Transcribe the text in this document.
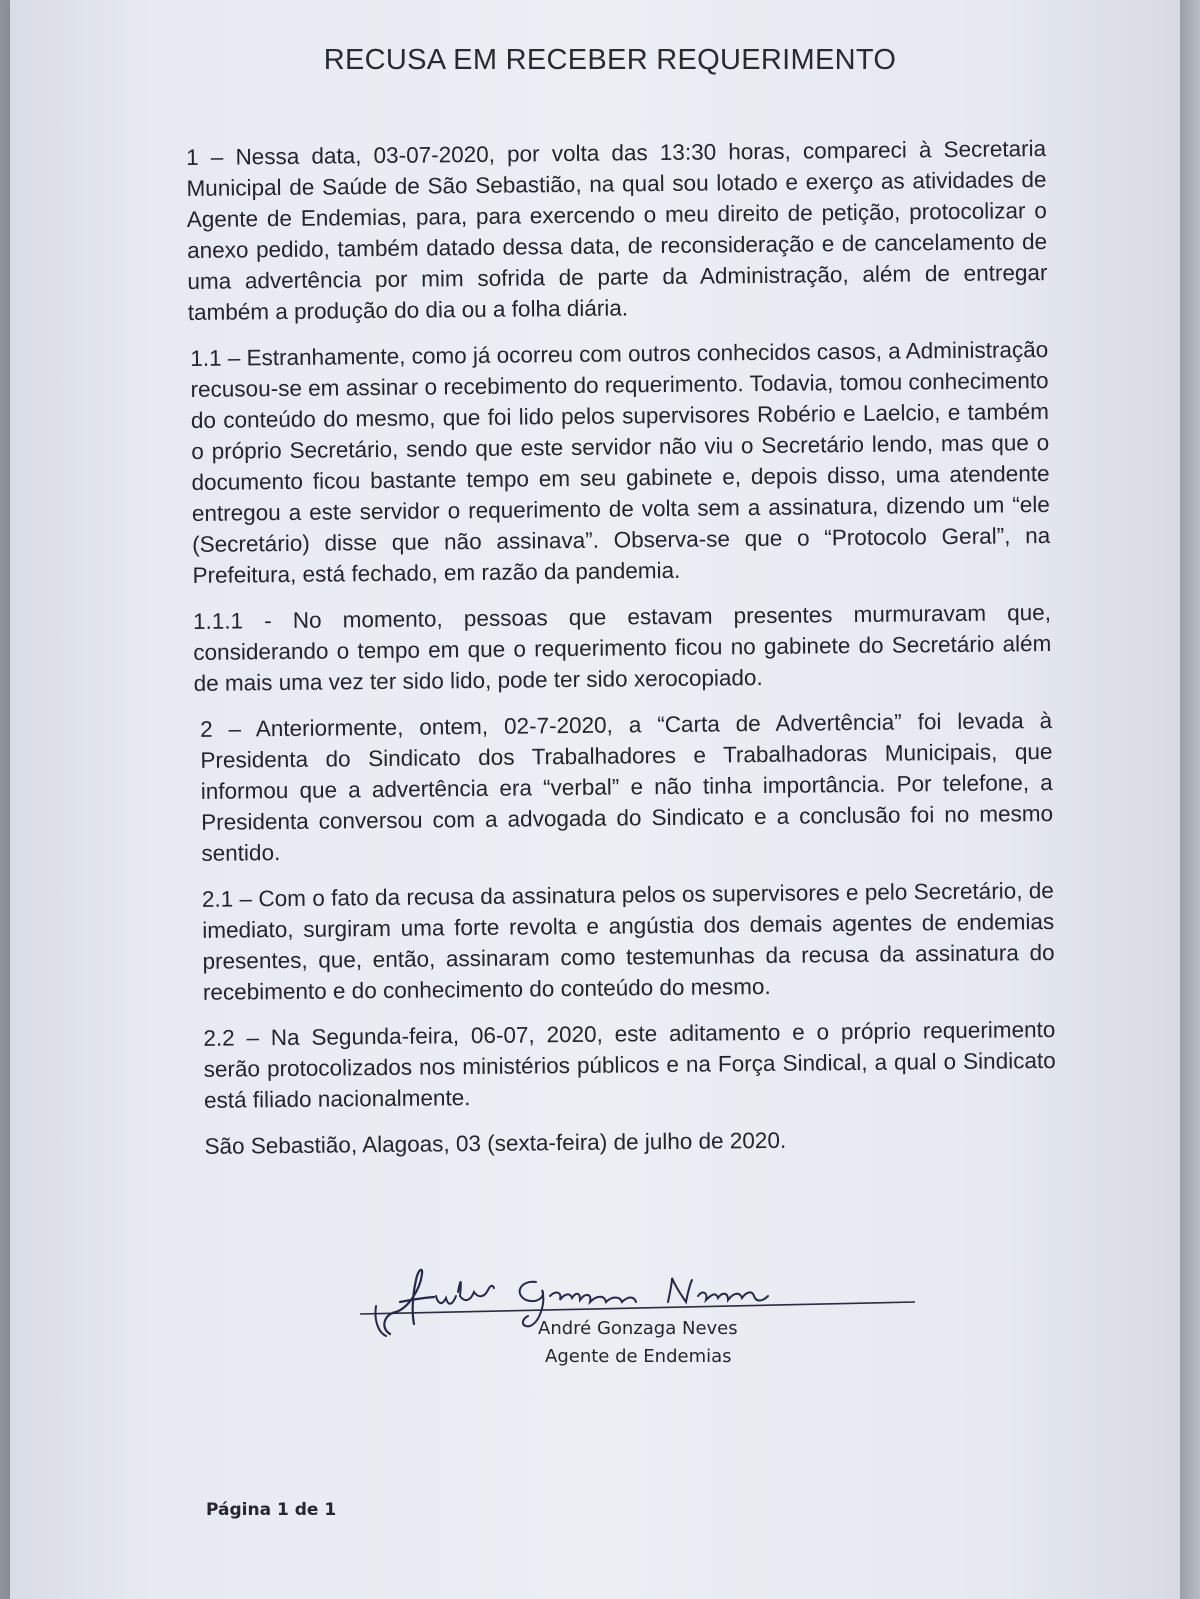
RECUSA EM RECEBER REQUERIMENTO

1 – Nessa data, 03-07-2020, por volta das 13:30 horas, compareci à Secretaria Municipal de Saúde de São Sebastião, na qual sou lotado e exerço as atividades de Agente de Endemias, para, para exercendo o meu direito de petição, protocolizar o anexo pedido, também datado dessa data, de reconsideração e de cancelamento de uma advertência por mim sofrida de parte da Administração, além de entregar também a produção do dia ou a folha diária.

1.1 – Estranhamente, como já ocorreu com outros conhecidos casos, a Administração recusou-se em assinar o recebimento do requerimento. Todavia, tomou conhecimento do conteúdo do mesmo, que foi lido pelos supervisores Robério e Laelcio, e também o próprio Secretário, sendo que este servidor não viu o Secretário lendo, mas que o documento ficou bastante tempo em seu gabinete e, depois disso, uma atendente entregou a este servidor o requerimento de volta sem a assinatura, dizendo um “ele (Secretário) disse que não assinava”. Observa-se que o “Protocolo Geral”, na Prefeitura, está fechado, em razão da pandemia.

1.1.1 - No momento, pessoas que estavam presentes murmuravam que, considerando o tempo em que o requerimento ficou no gabinete do Secretário além de mais uma vez ter sido lido, pode ter sido xerocopiado.

2 – Anteriormente, ontem, 02-7-2020, a “Carta de Advertência” foi levada à Presidenta do Sindicato dos Trabalhadores e Trabalhadoras Municipais, que informou que a advertência era “verbal” e não tinha importância. Por telefone, a Presidenta conversou com a advogada do Sindicato e a conclusão foi no mesmo sentido.

2.1 – Com o fato da recusa da assinatura pelos os supervisores e pelo Secretário, de imediato, surgiram uma forte revolta e angústia dos demais agentes de endemias presentes, que, então, assinaram como testemunhas da recusa da assinatura do recebimento e do conhecimento do conteúdo do mesmo.

2.2 – Na Segunda-feira, 06-07, 2020, este aditamento e o próprio requerimento serão protocolizados nos ministérios públicos e na Força Sindical, a qual o Sindicato está filiado nacionalmente.

São Sebastião, Alagoas, 03 (sexta-feira) de julho de 2020.

André Gonzaga Neves
Agente de Endemias
Página 1 de 1
